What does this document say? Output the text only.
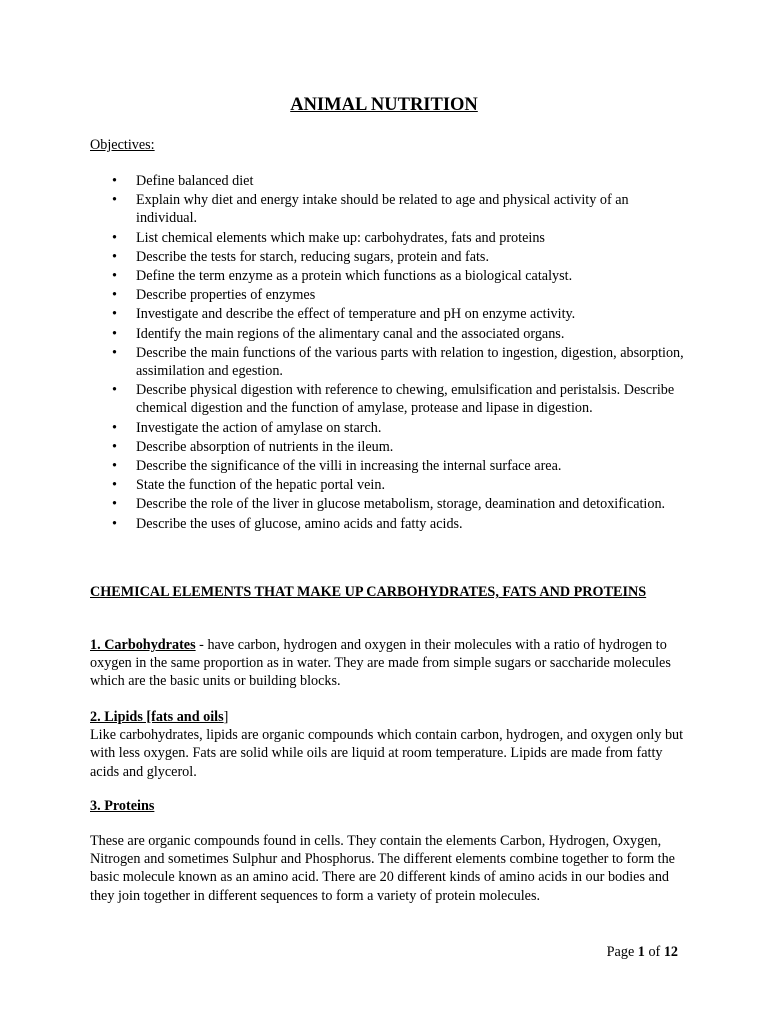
ANIMAL NUTRITION
Objectives:
• Define balanced diet
• Explain why diet and energy intake should be related to age and physical activity of an individual.
• List chemical elements which make up: carbohydrates, fats and proteins
• Describe the tests for starch, reducing sugars, protein and fats.
• Define the term enzyme as a protein which functions as a biological catalyst.
• Describe properties of enzymes
• Investigate and describe the effect of temperature and pH on enzyme activity.
• Identify the main regions of the alimentary canal and the associated organs.
• Describe the main functions of the various parts with relation to ingestion, digestion, absorption, assimilation and egestion.
• Describe physical digestion with reference to chewing, emulsification and peristalsis. Describe chemical digestion and the function of amylase, protease and lipase in digestion.
• Investigate the action of amylase on starch.
• Describe absorption of nutrients in the ileum.
• Describe the significance of the villi in increasing the internal surface area.
• State the function of the hepatic portal vein.
• Describe the role of the liver in glucose metabolism, storage, deamination and detoxification.
• Describe the uses of glucose, amino acids and fatty acids.
CHEMICAL ELEMENTS THAT MAKE UP CARBOHYDRATES, FATS AND PROTEINS
1. Carbohydrates - have carbon, hydrogen and oxygen in their molecules with a ratio of hydrogen to oxygen in the same proportion as in water. They are made from simple sugars or saccharide molecules which are the basic units or building blocks.
2. Lipids [fats and oils]
Like carbohydrates, lipids are organic compounds which contain carbon, hydrogen, and oxygen only but with less oxygen. Fats are solid while oils are liquid at room temperature. Lipids are made from fatty acids and glycerol.
3. Proteins
These are organic compounds found in cells. They contain the elements Carbon, Hydrogen, Oxygen, Nitrogen and sometimes Sulphur and Phosphorus. The different elements combine together to form the basic molecule known as an amino acid. There are 20 different kinds of amino acids in our bodies and they join together in different sequences to form a variety of protein molecules.
Page 1 of 12
